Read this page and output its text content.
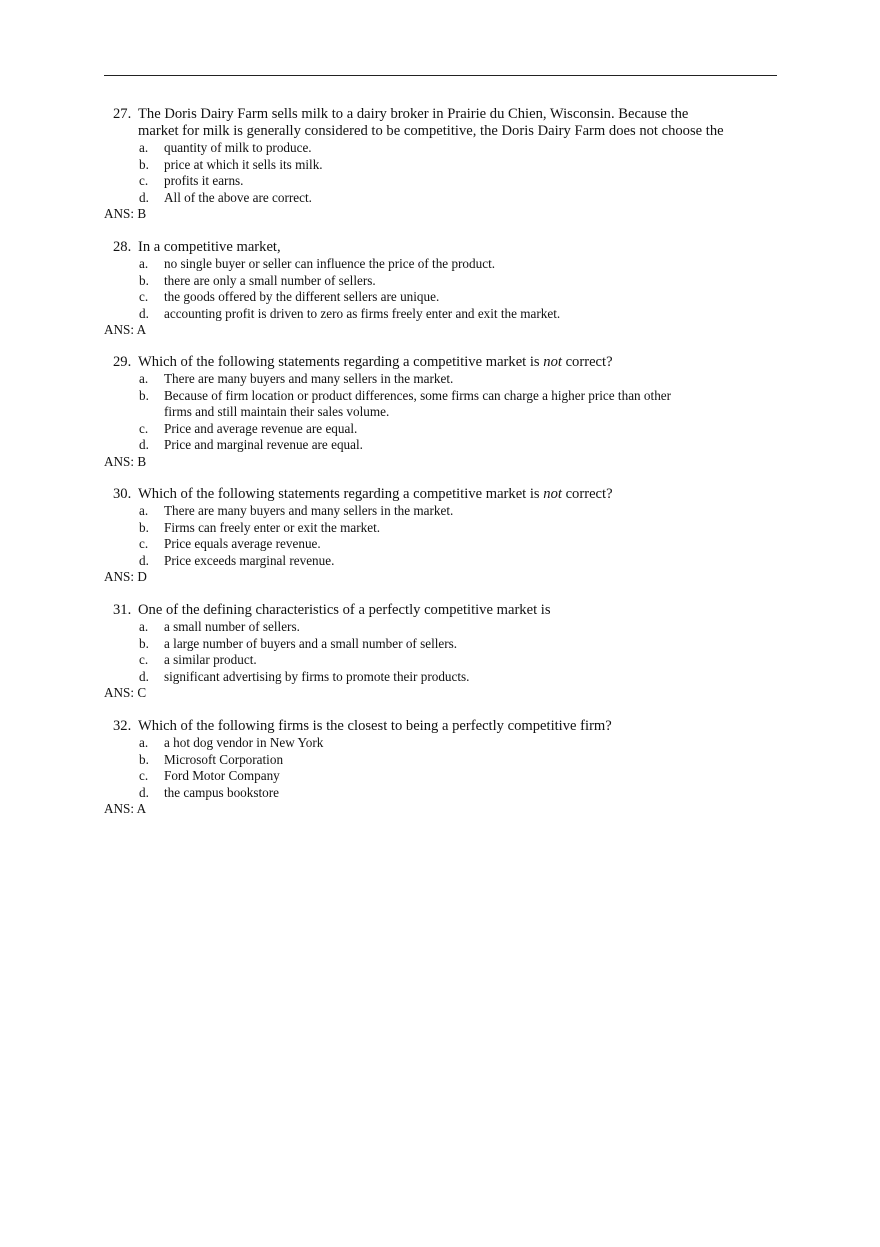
27. The Doris Dairy Farm sells milk to a dairy broker in Prairie du Chien, Wisconsin. Because the
market for milk is generally considered to be competitive, the Doris Dairy Farm does not choose the
a. quantity of milk to produce.
b. price at which it sells its milk.
c. profits it earns.
d. All of the above are correct.
ANS: B
28. In a competitive market,
a. no single buyer or seller can influence the price of the product.
b. there are only a small number of sellers.
c. the goods offered by the different sellers are unique.
d. accounting profit is driven to zero as firms freely enter and exit the market.
ANS: A
29. Which of the following statements regarding a competitive market is not correct?
a. There are many buyers and many sellers in the market.
b. Because of firm location or product differences, some firms can charge a higher price than other
firms and still maintain their sales volume.
c. Price and average revenue are equal.
d. Price and marginal revenue are equal.
ANS: B
30. Which of the following statements regarding a competitive market is not correct?
a. There are many buyers and many sellers in the market.
b. Firms can freely enter or exit the market.
c. Price equals average revenue.
d. Price exceeds marginal revenue.
ANS: D
31. One of the defining characteristics of a perfectly competitive market is
a. a small number of sellers.
b. a large number of buyers and a small number of sellers.
c. a similar product.
d. significant advertising by firms to promote their products.
ANS: C
32. Which of the following firms is the closest to being a perfectly competitive firm?
a. a hot dog vendor in New York
b. Microsoft Corporation
c. Ford Motor Company
d. the campus bookstore
ANS: A
